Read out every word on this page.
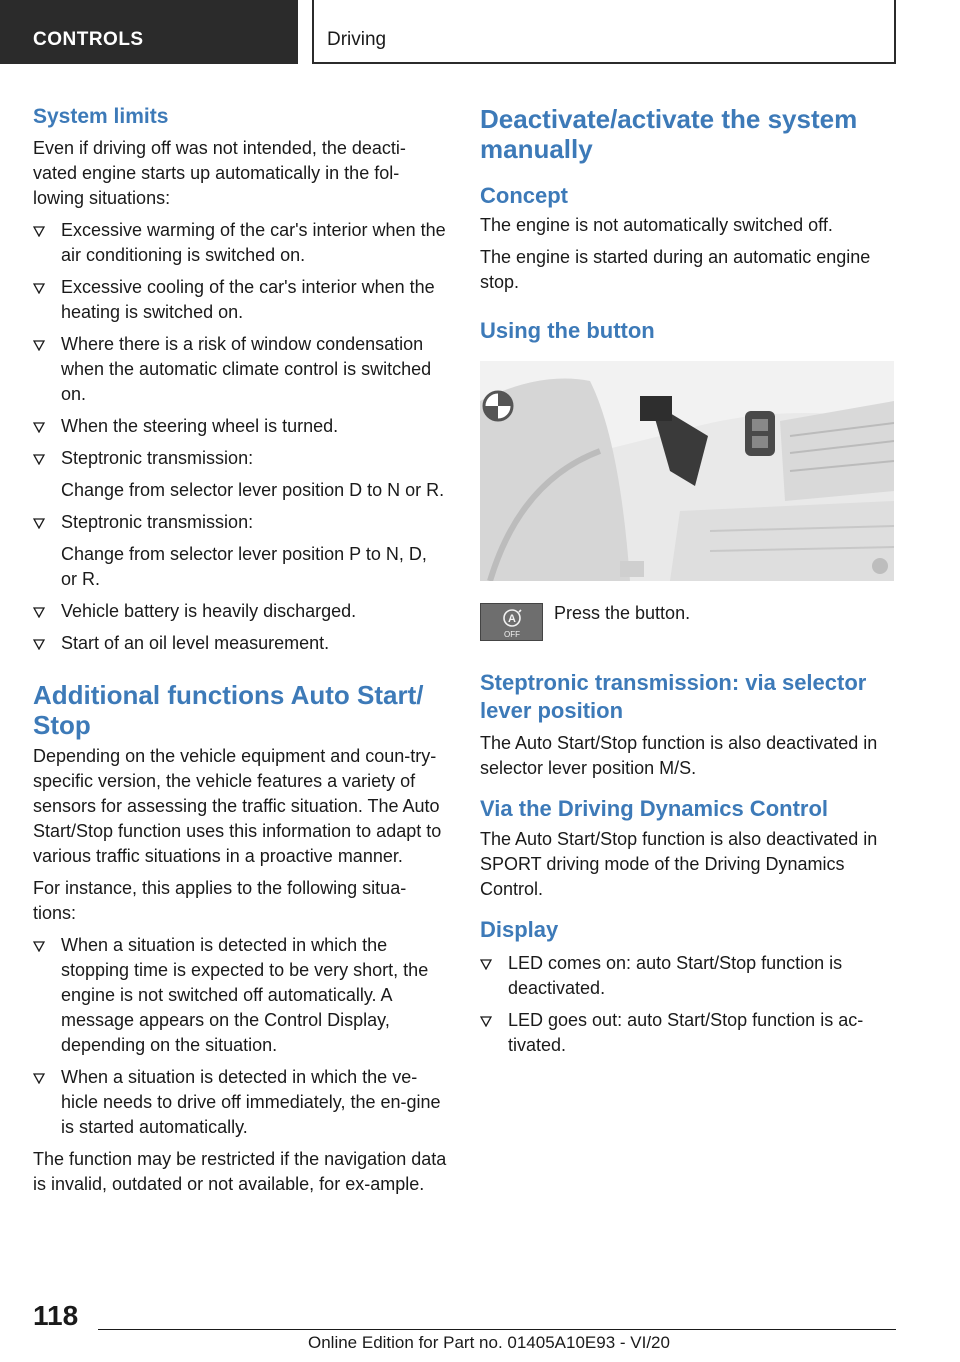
CONTROLS	Driving
System limits

Even if driving off was not intended, the deacti‐vated engine starts up automatically in the fol‐lowing situations:

Excessive warming of the car's interior when the air conditioning is switched on.
Excessive cooling of the car's interior when the heating is switched on.
Where there is a risk of window condensation when the automatic climate control is switched on.
When the steering wheel is turned.
Steptronic transmission:
Change from selector lever position D to N or R.
Steptronic transmission:
Change from selector lever position P to N, D, or R.
Vehicle battery is heavily discharged.
Start of an oil level measurement.
Additional functions Auto Start/ Stop

Depending on the vehicle equipment and coun‐try-specific version, the vehicle features a variety of sensors for assessing the traffic situation. The Auto Start/Stop function uses this information to adapt to various traffic situations in a proactive manner.

For instance, this applies to the following situa‐tions:

When a situation is detected in which the stopping time is expected to be very short, the engine is not switched off automatically. A message appears on the Control Display, depending on the situation.
When a situation is detected in which the ve‐hicle needs to drive off immediately, the en‐gine is started automatically.

The function may be restricted if the navigation data is invalid, outdated or not available, for ex‐ample.

Deactivate/activate the system manually
Concept

The engine is not automatically switched off.

The engine is started during an automatic engine stop.

Using the button
A
OFF
Press the button.
Steptronic transmission: via selector lever position

The Auto Start/Stop function is also deactivated in selector lever position M/S.

Via the Driving Dynamics Control

The Auto Start/Stop function is also deactivated in SPORT driving mode of the Driving Dynamics Control.

Display
LED comes on: auto Start/Stop function is deactivated.
LED goes out: auto Start/Stop function is ac‐tivated.
118
Online Edition for Part no. 01405A10E93 - VI/20
